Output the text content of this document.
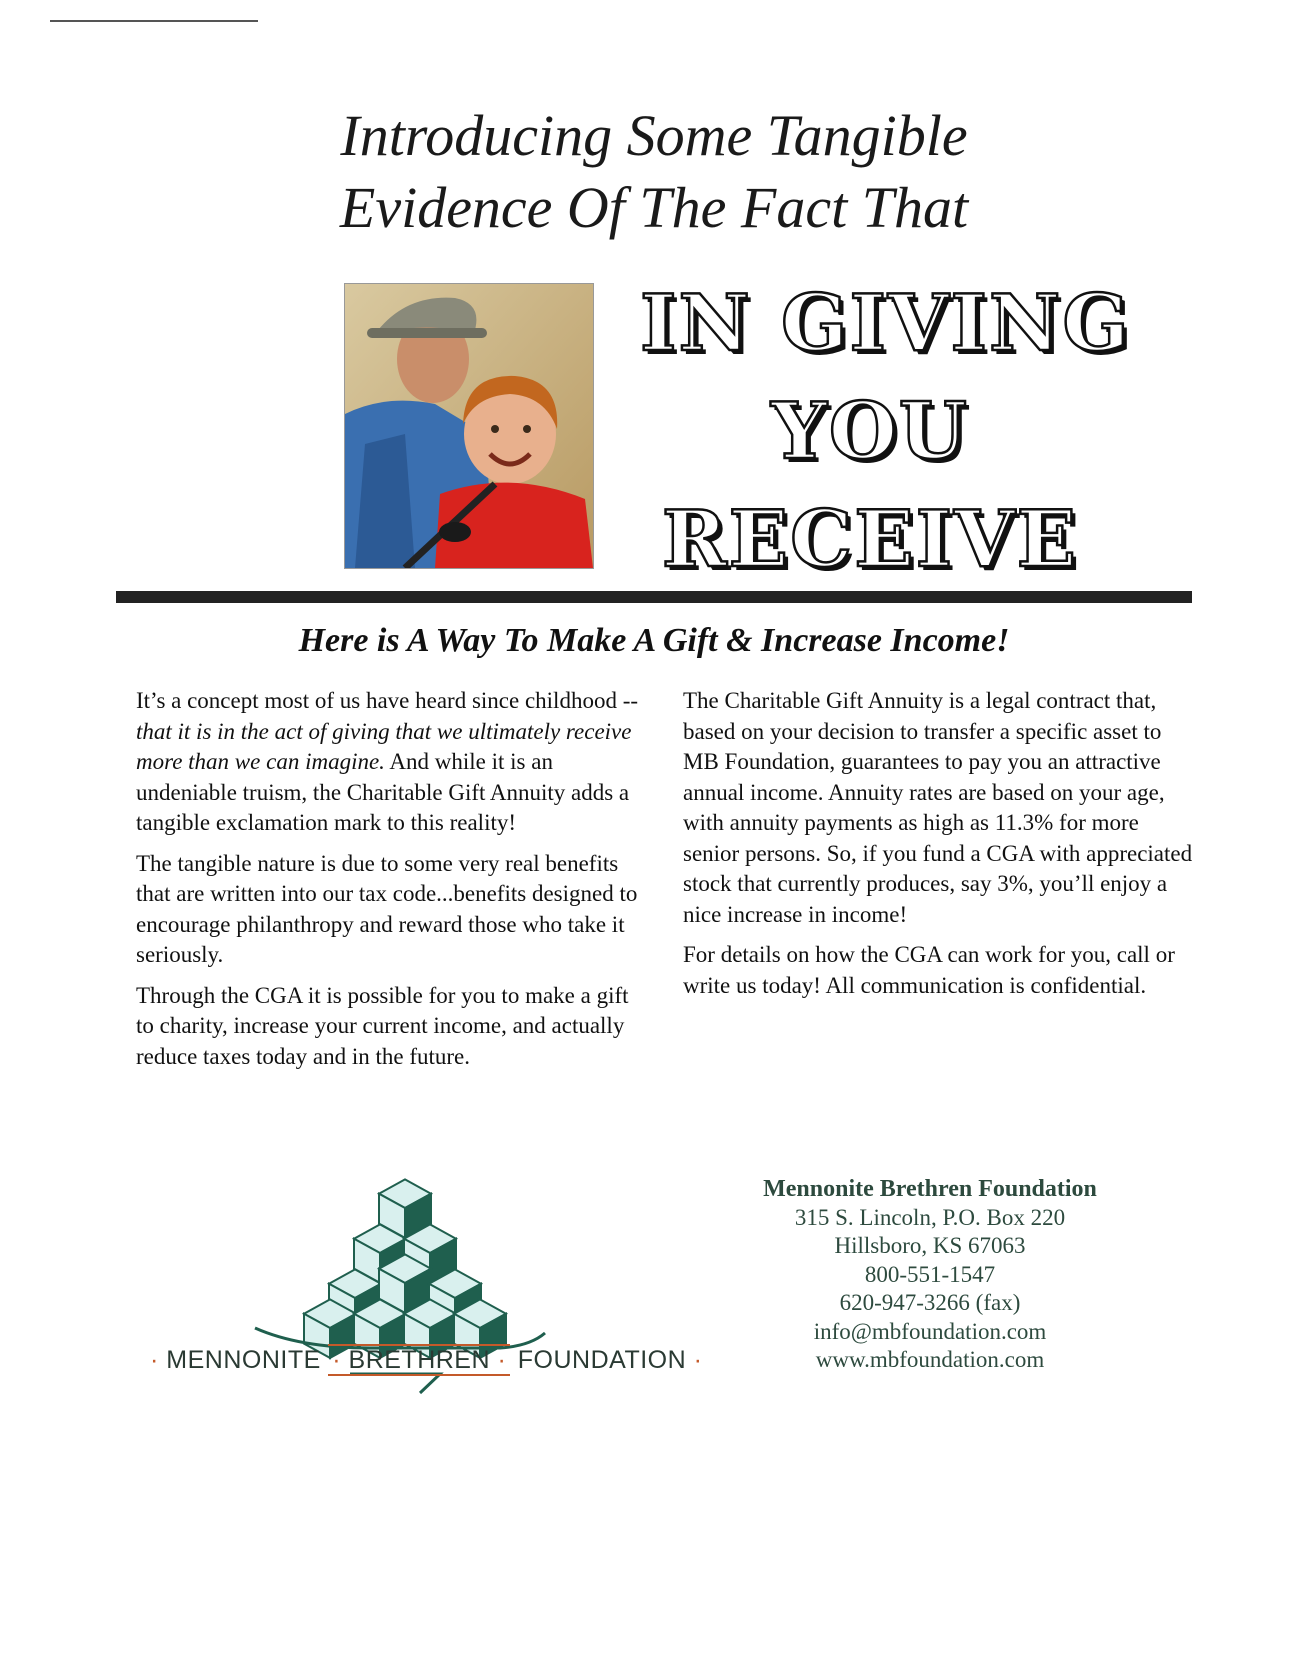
Introducing Some Tangible
Evidence Of The Fact That
IN GIVING
YOU
RECEIVE
Here is A Way To Make A Gift & Increase Income!

It’s a concept most of us have heard since childhood -- that it is in the act of giving that we ultimately receive more than we can imagine. And while it is an undeniable truism, the Charitable Gift Annuity adds a tangible exclamation mark to this reality!

The tangible nature is due to some very real benefits that are written into our tax code...benefits designed to encourage philanthropy and reward those who take it seriously.

Through the CGA it is possible for you to make a gift to charity, increase your current income, and actually reduce taxes today and in the future.

The Charitable Gift Annuity is a legal contract that, based on your decision to transfer a specific asset to MB Foundation, guarantees to pay you an attractive annual income. Annuity rates are based on your age, with annuity payments as high as 11.3% for more senior persons. So, if you fund a CGA with appreciated stock that currently produces, say 3%, you’ll enjoy a nice increase in income!

For details on how the CGA can work for you, call or write us today! All communication is confidential.

· MENNONITE · BRETHREN · FOUNDATION ·
Mennonite Brethren Foundation
315 S. Lincoln, P.O. Box 220
Hillsboro, KS 67063
800-551-1547
620-947-3266 (fax)
info@mbfoundation.com
www.mbfoundation.com
